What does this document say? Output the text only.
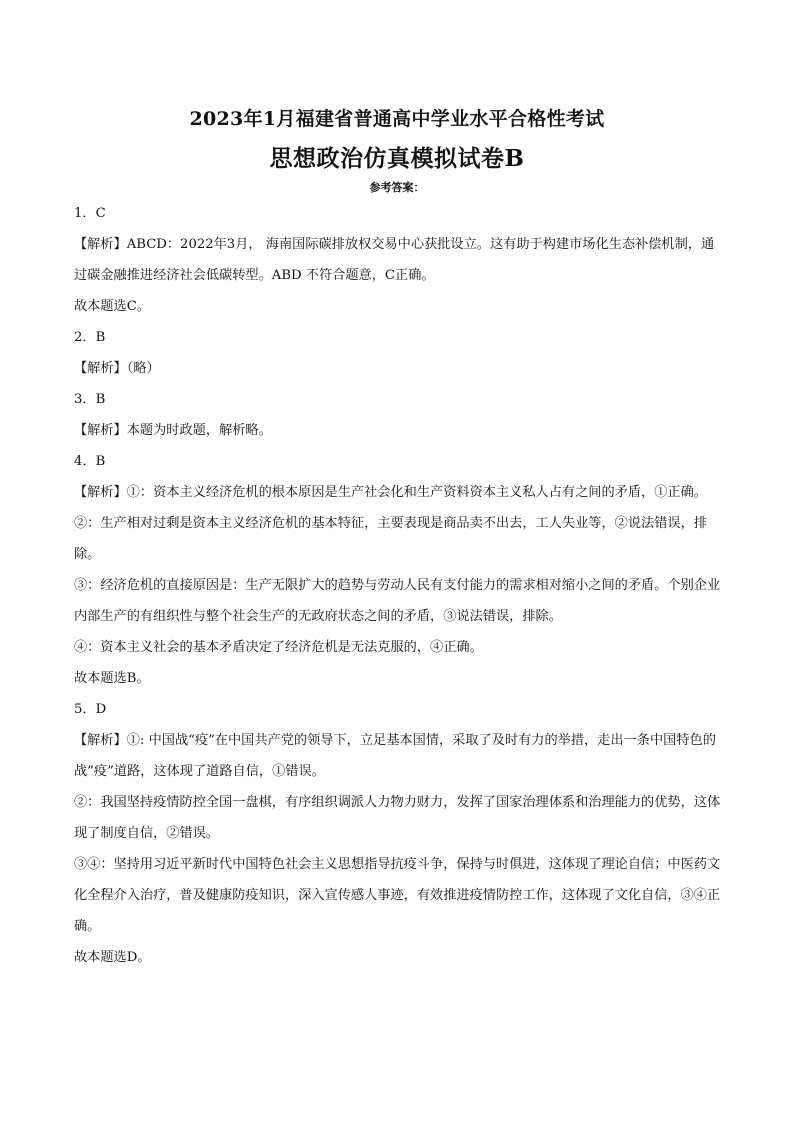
2023年1月福建省普通高中学业水平合格性考试
思想政治仿真模拟试卷B
参考答案：

1．C

【解析】ABCD：2022年3月， 海南国际碳排放权交易中心获批设立。这有助于构建市场化生态补偿机制，通过碳金融推进经济社会低碳转型。ABD 不符合题意，C正确。

故本题选C。

2．B

【解析】（略）

3．B

【解析】本题为时政题，解析略。

4．B

【解析】①：资本主义经济危机的根本原因是生产社会化和生产资料资本主义私人占有之间的矛盾，①正确。

②：生产相对过剩是资本主义经济危机的基本特征，主要表现是商品卖不出去，工人失业等，②说法错误，排除。

③：经济危机的直接原因是：生产无限扩大的趋势与劳动人民有支付能力的需求相对缩小之间的矛盾。个别企业内部生产的有组织性与整个社会生产的无政府状态之间的矛盾，③说法错误，排除。

④：资本主义社会的基本矛盾决定了经济危机是无法克服的，④正确。

故本题选B。

5．D

【解析】①: 中国战“疫”在中国共产党的领导下，立足基本国情，采取了及时有力的举措，走出一条中国特色的战”疫”道路，这体现了道路自信，①错误。

②：我国坚持疫情防控全国一盘棋，有序组织调派人力物力财力，发挥了国家治理体系和治理能力的优势，这体现了制度自信，②错误。

③④：坚持用习近平新时代中国特色社会主义思想指导抗疫斗争，保持与时俱进，这体现了理论自信；中医药文化全程介入治疗，普及健康防疫知识，深入宣传感人事迹，有效推进疫情防控工作，这体现了文化自信，③④正确。

故本题选D。
